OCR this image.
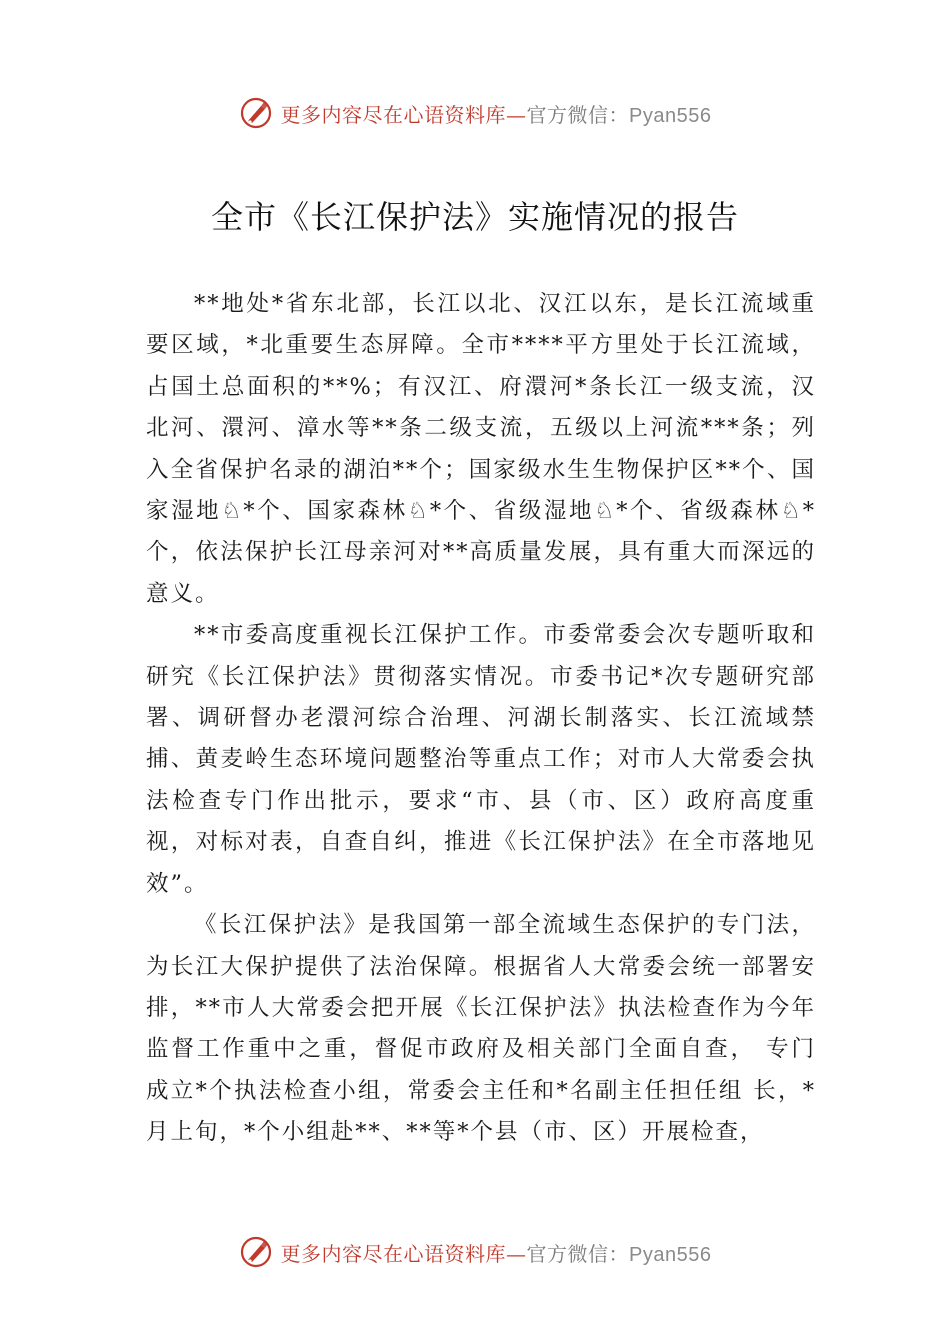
更多内容尽在心语资料库—官方微信：Pyan556
全市《长江保护法》实施情况的报告

**地处*省东北部，长江以北、汉江以东，是长江流域重要区域，*北重要生态屏障。全市****平方里处于长江流域，占国土总面积的**%；有汉江、府澴河*条长江一级支流，汉北河、澴河、漳水等**条二级支流，五级以上河流***条；列入全省保护名录的湖泊**个；国家级水生生物保护区**个、国家湿地♘*个、国家森林♘*个、省级湿地♘*个、省级森林♘*个，依法保护长江母亲河对**高质量发展，具有重大而深远的意义。

**市委高度重视长江保护工作。市委常委会次专题听取和研究《长江保护法》贯彻落实情况。市委书记*次专题研究部署、调研督办老澴河综合治理、河湖长制落实、长江流域禁捕、黄麦岭生态环境问题整治等重点工作；对市人大常委会执法检查专门作出批示，要求“市、县（市、区）政府高度重视，对标对表，自查自纠，推进《长江保护法》在全市落地见效”。

《长江保护法》是我国第一部全流域生态保护的专门法，为长江大保护提供了法治保障。根据省人大常委会统一部署安排，**市人大常委会把开展《长江保护法》执法检查作为今年监督工作重中之重，督促市政府及相关部门全面自查， 专门成立*个执法检查小组，常委会主任和*名副主任担任组 长，*月上旬，*个小组赴**、**等*个县（市、区）开展检查，

更多内容尽在心语资料库—官方微信：Pyan556
